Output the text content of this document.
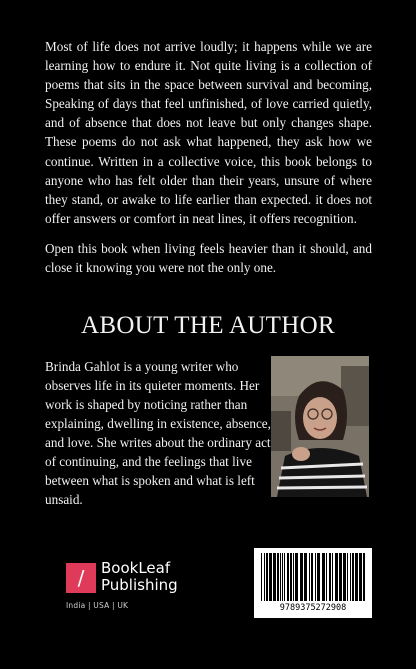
Most of life does not arrive loudly; it happens while we are learning how to endure it. Not quite living is a collection of poems that sits in the space between survival and becoming, Speaking of days that feel unfinished, of love carried quietly, and of absence that does not leave but only changes shape. These poems do not ask what happened, they ask how we continue. Written in a collective voice, this book belongs to anyone who has felt older than their years, unsure of where they stand, or awake to life earlier than expected. it does not offer answers or comfort in neat lines, it offers recognition.

Open this book when living feels heavier than it should, and close it knowing you were not the only one.

ABOUT THE AUTHOR

Brinda Gahlot is a young writer who observes life in its quieter moments. Her work is shaped by noticing rather than explaining, dwelling in existence, absence, and love. She writes about the ordinary act of continuing, and the feelings that live between what is spoken and what is left unsaid.

/	BookLeaf
Publishing
India | USA | UK	9789375272908
